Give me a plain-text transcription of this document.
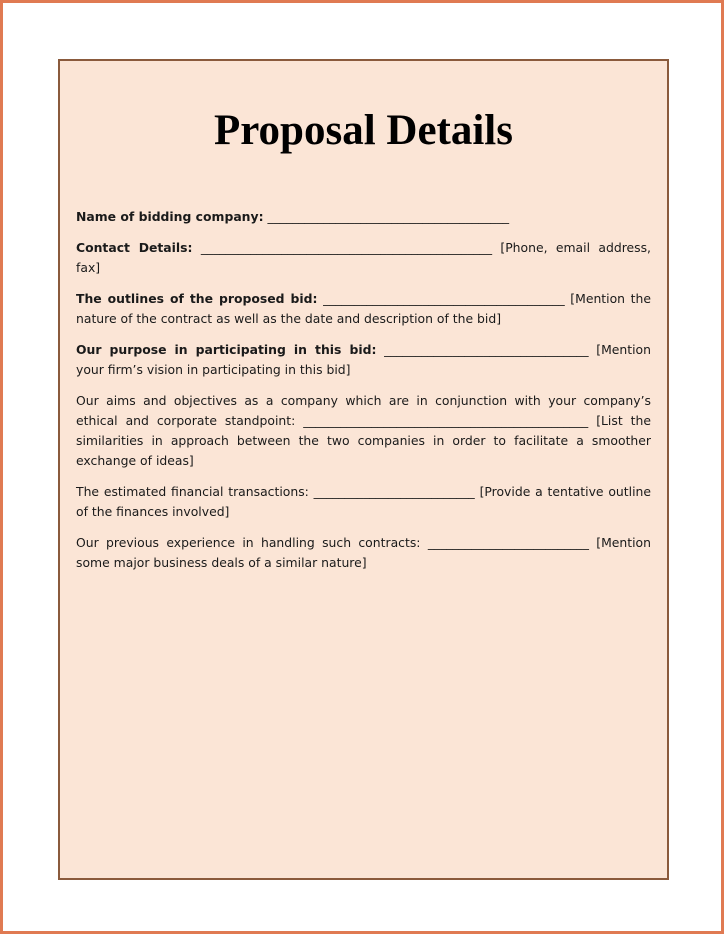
Proposal Details

Name of bidding company: _______________________________________

Contact Details: _______________________________________________ [Phone, email address, fax]

The outlines of the proposed bid: _______________________________________ [Mention the nature of the contract as well as the date and description of the bid]

Our purpose in participating in this bid: _________________________________ [Mention your firm’s vision in participating in this bid]

Our aims and objectives as a company which are in conjunction with your company’s ethical and corporate standpoint: ______________________________________________ [List the similarities in approach between the two companies in order to facilitate a smoother exchange of ideas]

The estimated financial transactions: __________________________ [Provide a tentative outline of the finances involved]

Our previous experience in handling such contracts: __________________________ [Mention some major business deals of a similar nature]
